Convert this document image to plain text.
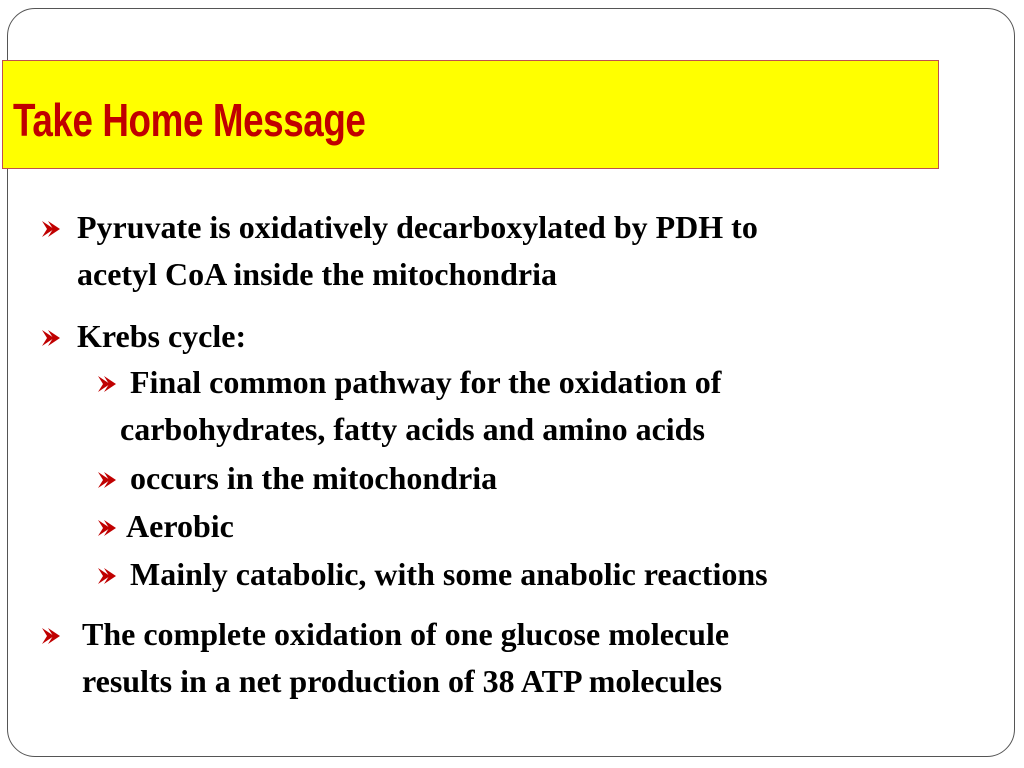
Take Home Message
Pyruvate is oxidatively decarboxylated by PDH to
acetyl CoA inside the mitochondria
Krebs cycle:
Final common pathway for the oxidation of
carbohydrates, fatty acids and amino acids
occurs in the mitochondria
Aerobic
Mainly catabolic, with some anabolic reactions
The complete oxidation of one glucose molecule
results in a net production of 38 ATP molecules
